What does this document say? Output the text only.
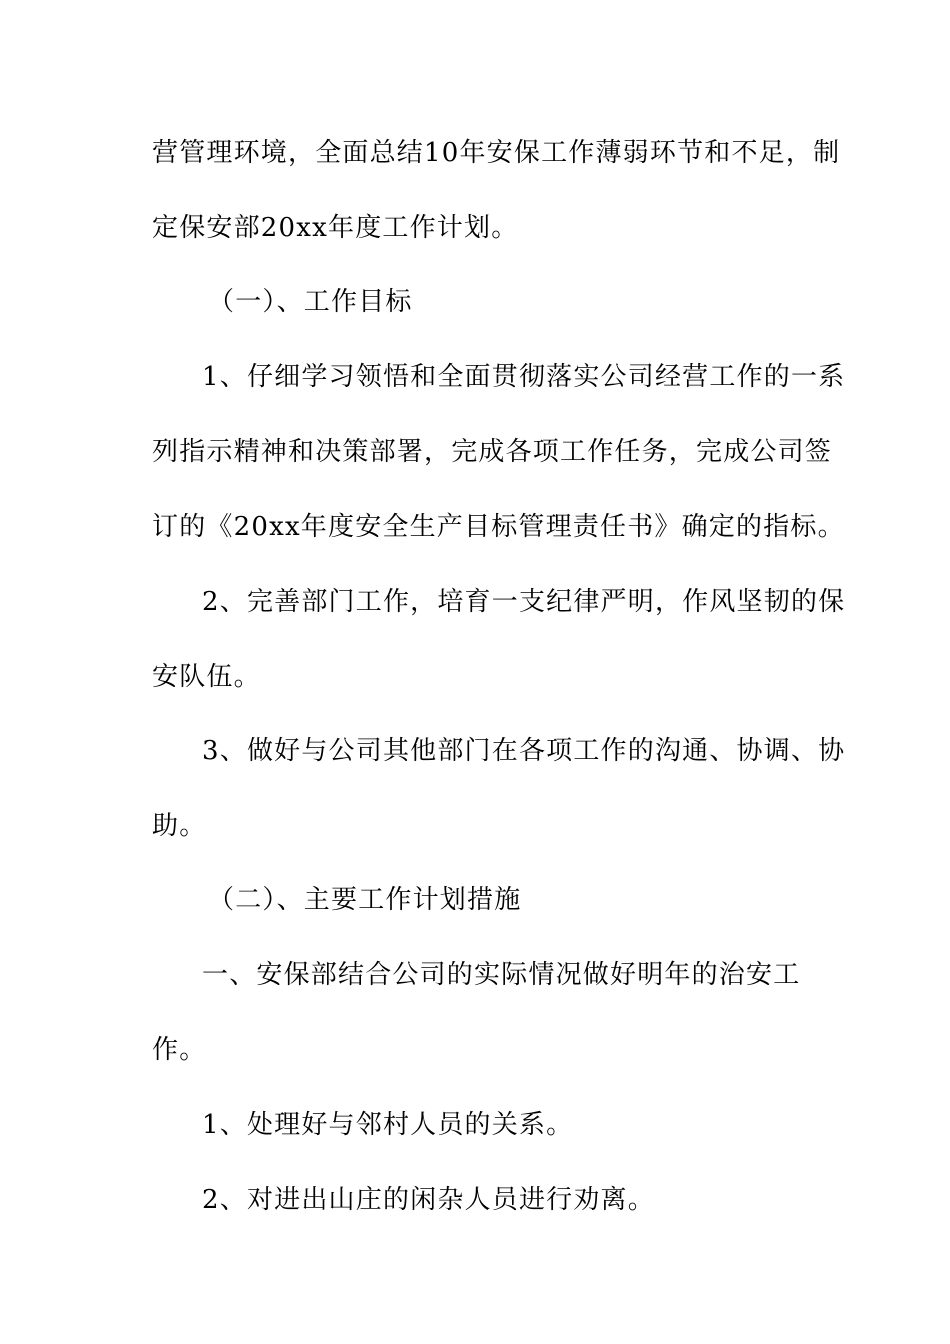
营管理环境，全面总结10年安保工作薄弱环节和不足，制
定保安部20xx年度工作计划。
（一）、工作目标
1、仔细学习领悟和全面贯彻落实公司经营工作的一系
列指示精神和决策部署，完成各项工作任务，完成公司签
订的《20xx年度安全生产目标管理责任书》确定的指标。
2、完善部门工作，培育一支纪律严明，作风坚韧的保
安队伍。
3、做好与公司其他部门在各项工作的沟通、协调、协
助。
（二）、主要工作计划措施
一、安保部结合公司的实际情况做好明年的治安工
作。
1、处理好与邻村人员的关系。
2、对进出山庄的闲杂人员进行劝离。
